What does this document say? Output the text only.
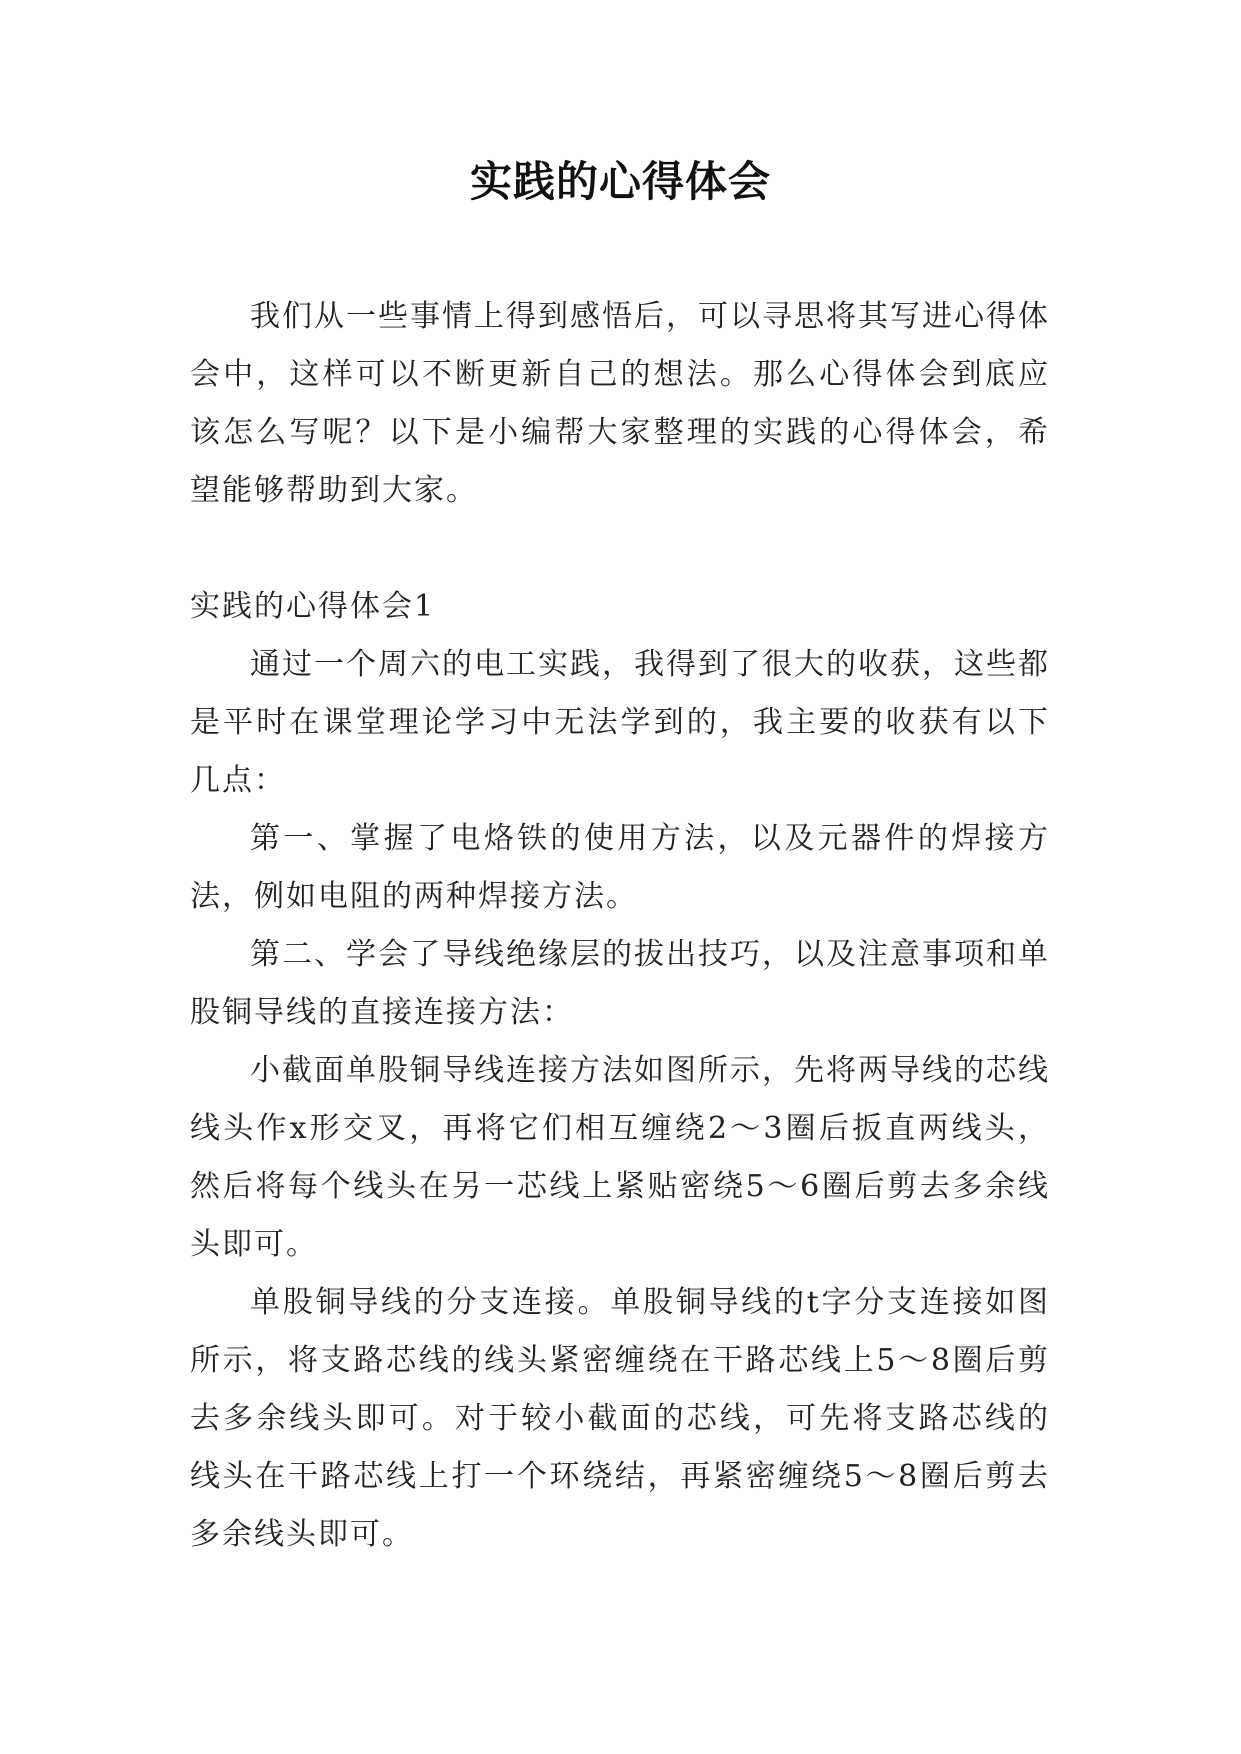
实践的心得体会

我们从一些事情上得到感悟后，可以寻思将其写进心得体会中，这样可以不断更新自己的想法。那么心得体会到底应该怎么写呢？以下是小编帮大家整理的实践的心得体会，希望能够帮助到大家。

实践的心得体会1

通过一个周六的电工实践，我得到了很大的收获，这些都是平时在课堂理论学习中无法学到的，我主要的收获有以下几点：

第一、掌握了电烙铁的使用方法，以及元器件的焊接方法，例如电阻的两种焊接方法。

第二、学会了导线绝缘层的拔出技巧，以及注意事项和单股铜导线的直接连接方法：

小截面单股铜导线连接方法如图所示，先将两导线的芯线线头作x形交叉，再将它们相互缠绕2～3圈后扳直两线头，然后将每个线头在另一芯线上紧贴密绕5～6圈后剪去多余线头即可。

单股铜导线的分支连接。单股铜导线的t字分支连接如图所示，将支路芯线的线头紧密缠绕在干路芯线上5～8圈后剪去多余线头即可。对于较小截面的芯线，可先将支路芯线的线头在干路芯线上打一个环绕结，再紧密缠绕5～8圈后剪去多余线头即可。
